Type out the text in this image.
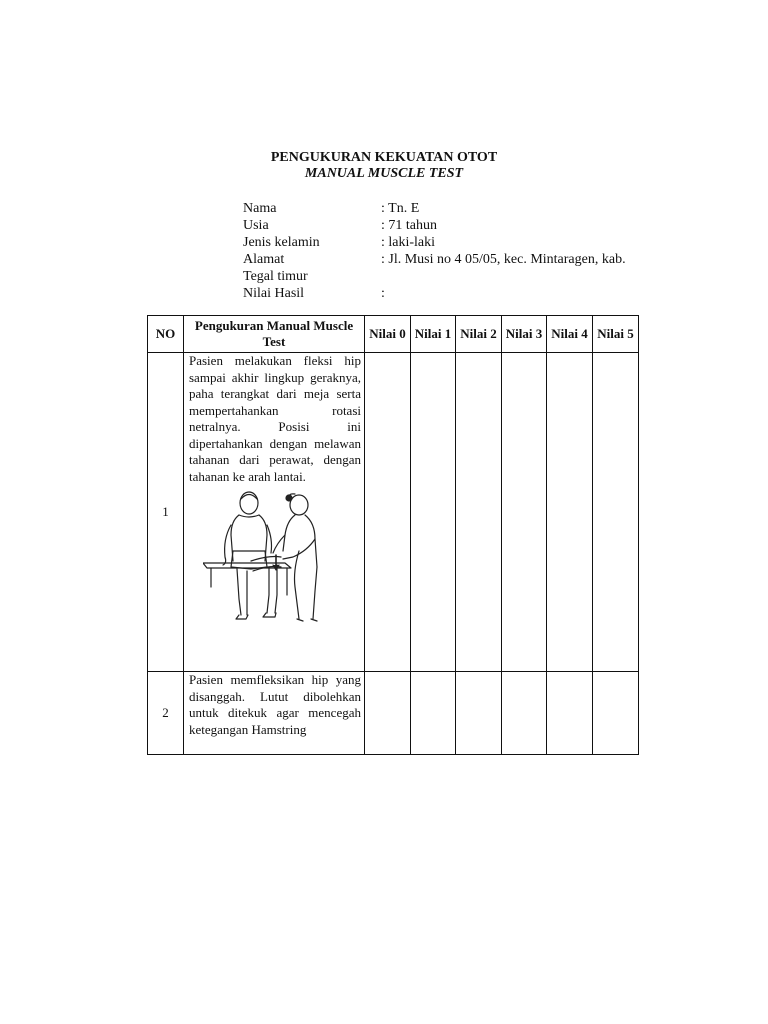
PENGUKURAN KEKUATAN OTOT
MANUAL MUSCLE TEST
Nama	: Tn. E
Usia	: 71 tahun
Jenis kelamin	: laki-laki
Alamat	: Jl. Musi no 4 05/05, kec. Mintaragen, kab.
Tegal timur
Nilai Hasil	:
NO	Pengukuran Manual Muscle Test	Nilai 0	Nilai 1	Nilai 2	Nilai 3	Nilai 4	Nilai 5
1	Pasien melakukan fleksi hip sampai akhir lingkup geraknya, paha terangkat dari meja serta mempertahankan rotasi netralnya. Posisi ini dipertahankan dengan melawan tahanan dari perawat, dengan tahanan ke arah lantai.						

2	Pasien memfleksikan hip yang disanggah. Lutut dibolehkan untuk ditekuk agar mencegah ketegangan Hamstring						
